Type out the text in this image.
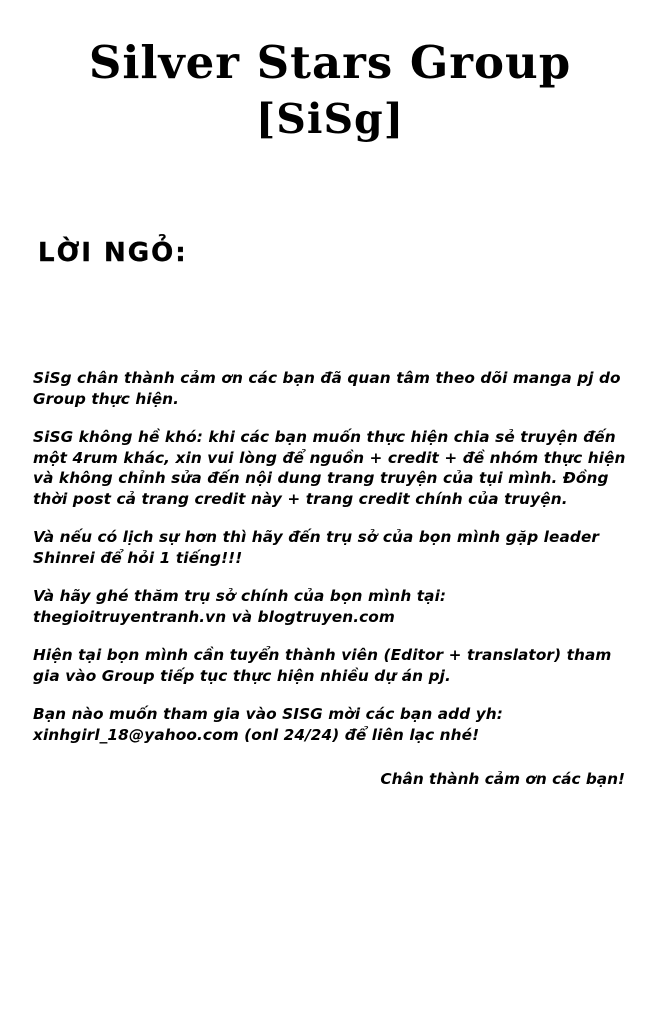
Silver Stars Group
[SiSg]
LỜI NGỎ:

SiSg chân thành cảm ơn các bạn đã quan tâm theo dõi manga pj do Group thực hiện.

SiSG không hề khó: khi các bạn muốn thực hiện chia sẻ truyện đến một 4rum khác, xin vui lòng để nguồn + credit + đề nhóm thực hiện và không chỉnh sửa đến nội dung trang truyện của tụi mình. Đồng thời post cả trang credit này + trang credit chính của truyện.

Và nếu có lịch sự hơn thì hãy đến trụ sở của bọn mình gặp leader Shinrei để hỏi 1 tiếng!!!

Và hãy ghé thăm trụ sở chính của bọn mình tại: thegioitruyentranh.vn và blogtruyen.com

Hiện tại bọn mình cần tuyển thành viên (Editor + translator) tham gia vào Group tiếp tục thực hiện nhiều dự án pj.

Bạn nào muốn tham gia vào SISG mời các bạn add yh: xinhgirl_18@yahoo.com (onl 24/24) để liên lạc nhé!

Chân thành cảm ơn các bạn!
